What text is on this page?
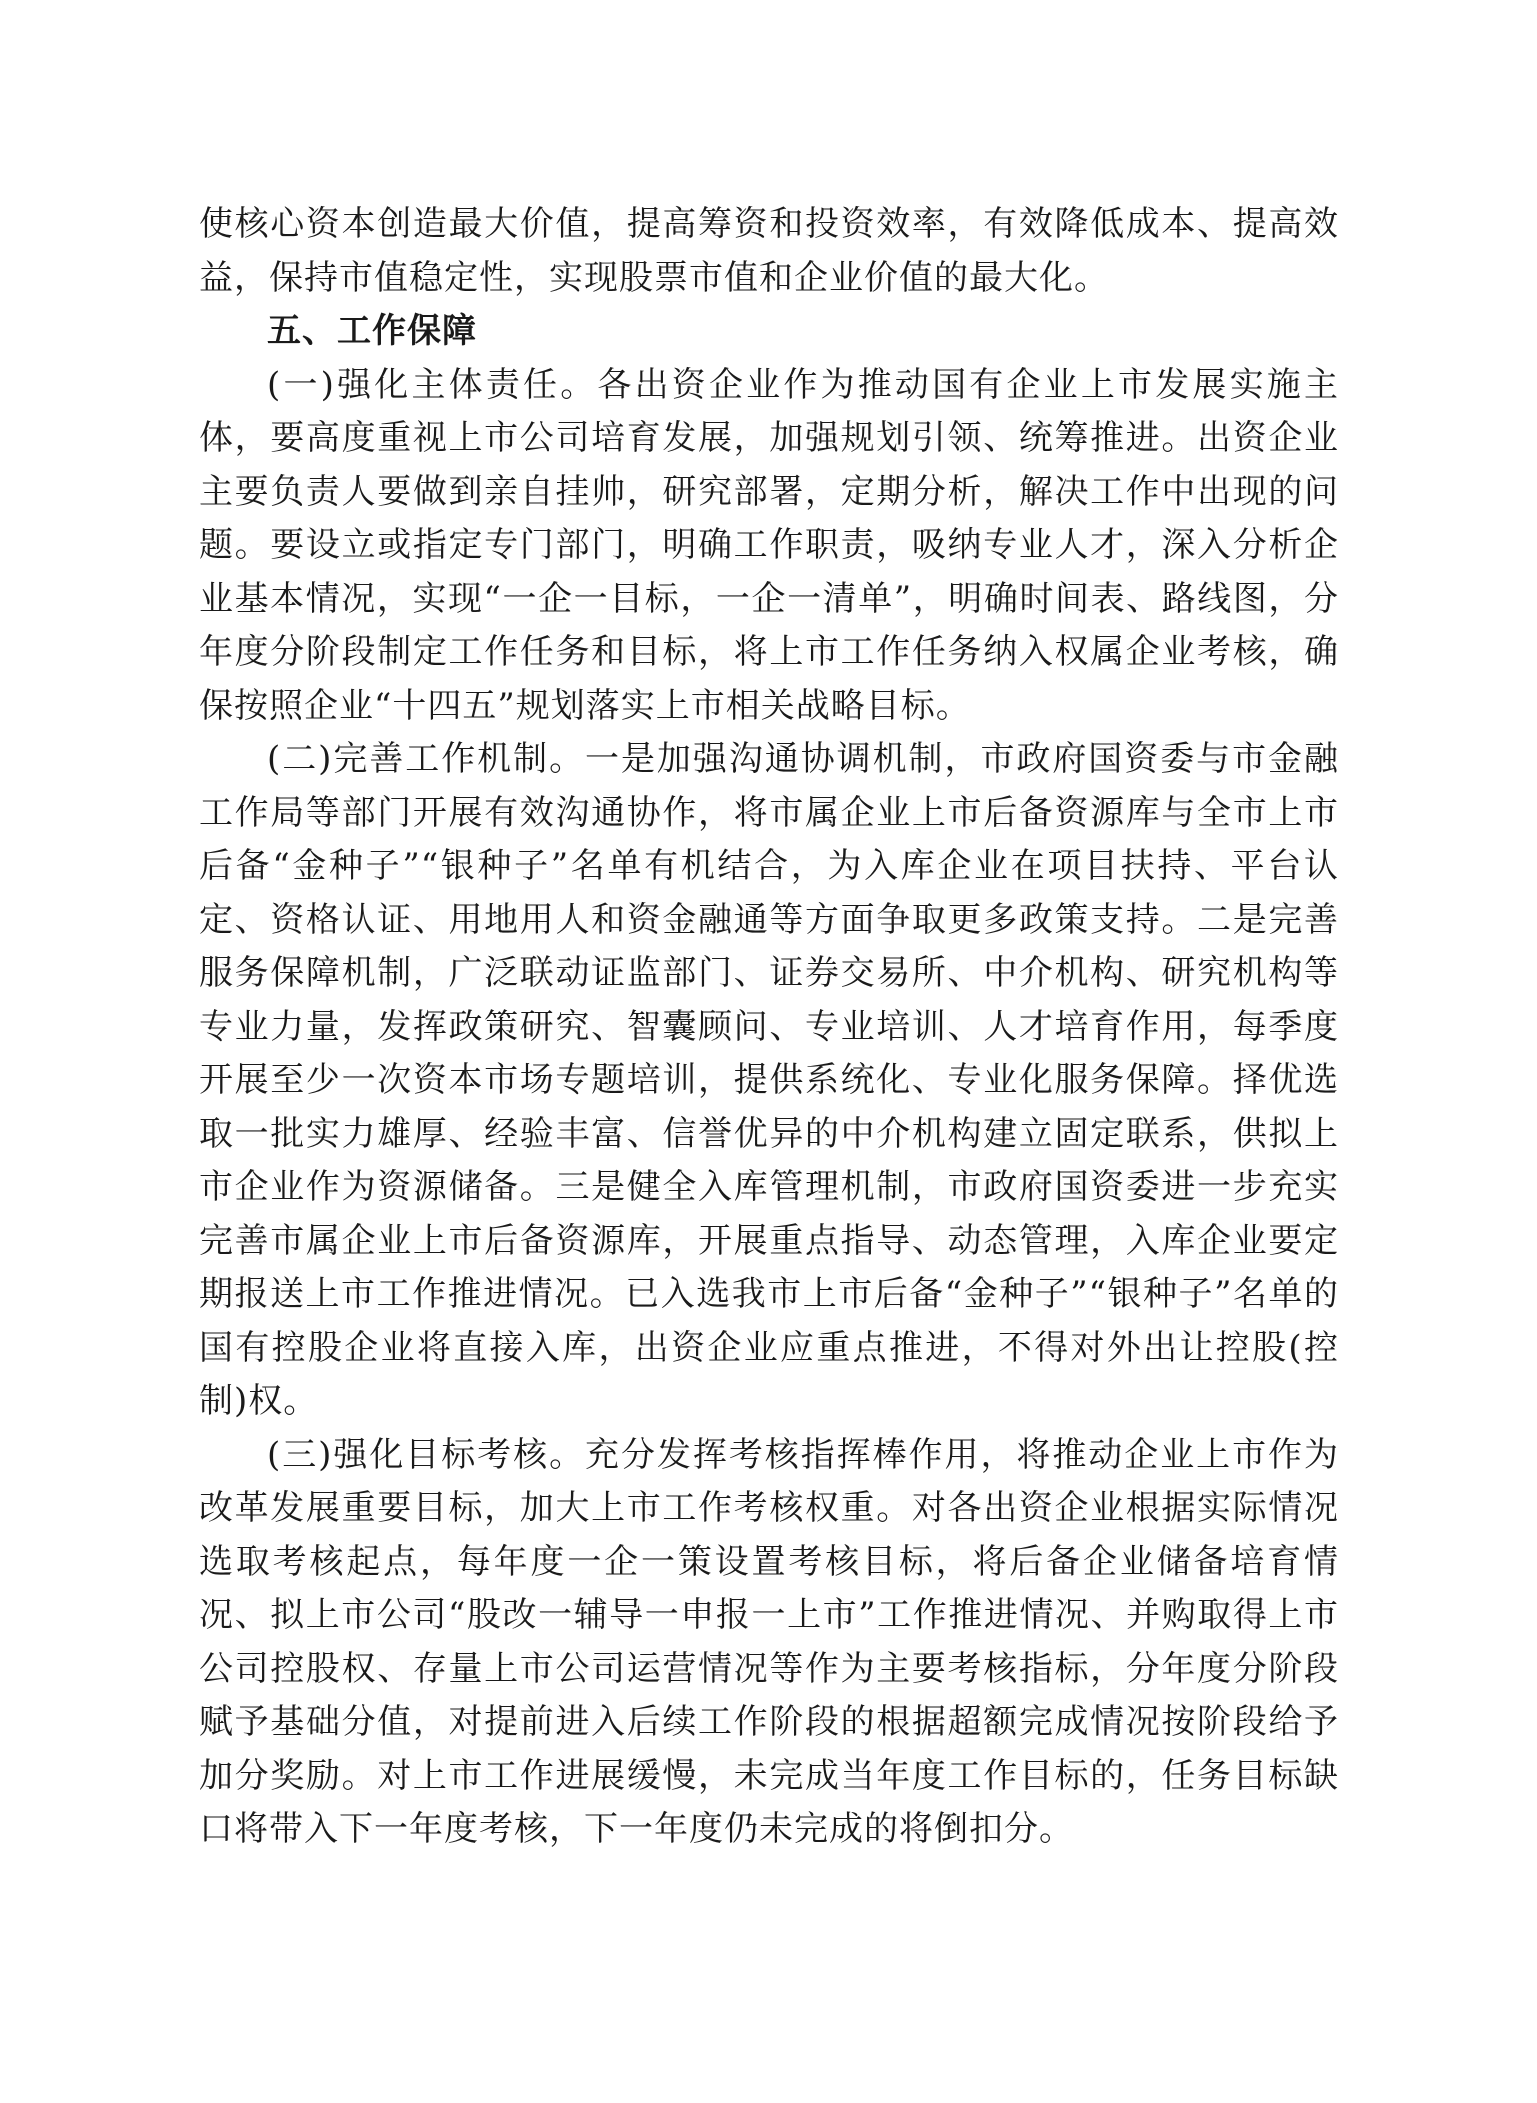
使核心资本创造最大价值，提高筹资和投资效率，有效降低成本、提高效益，保持市值稳定性，实现股票市值和企业价值的最大化。

五、工作保障

(一)强化主体责任。各出资企业作为推动国有企业上市发展实施主体，要高度重视上市公司培育发展，加强规划引领、统筹推进。出资企业主要负责人要做到亲自挂帅，研究部署，定期分析，解决工作中出现的问题。要设立或指定专门部门，明确工作职责，吸纳专业人才，深入分析企业基本情况，实现“一企一目标，一企一清单”，明确时间表、路线图，分年度分阶段制定工作任务和目标，将上市工作任务纳入权属企业考核，确保按照企业“十四五”规划落实上市相关战略目标。

(二)完善工作机制。一是加强沟通协调机制，市政府国资委与市金融工作局等部门开展有效沟通协作，将市属企业上市后备资源库与全市上市后备“金种子”“银种子”名单有机结合，为入库企业在项目扶持、平台认定、资格认证、用地用人和资金融通等方面争取更多政策支持。二是完善服务保障机制，广泛联动证监部门、证券交易所、中介机构、研究机构等专业力量，发挥政策研究、智囊顾问、专业培训、人才培育作用，每季度开展至少一次资本市场专题培训，提供系统化、专业化服务保障。择优选取一批实力雄厚、经验丰富、信誉优异的中介机构建立固定联系，供拟上市企业作为资源储备。三是健全入库管理机制，市政府国资委进一步充实完善市属企业上市后备资源库，开展重点指导、动态管理，入库企业要定期报送上市工作推进情况。已入选我市上市后备“金种子”“银种子”名单的国有控股企业将直接入库，出资企业应重点推进，不得对外出让控股(控制)权。

(三)强化目标考核。充分发挥考核指挥棒作用，将推动企业上市作为改革发展重要目标，加大上市工作考核权重。对各出资企业根据实际情况选取考核起点，每年度一企一策设置考核目标，将后备企业储备培育情况、拟上市公司“股改一辅导一申报一上市”工作推进情况、并购取得上市公司控股权、存量上市公司运营情况等作为主要考核指标，分年度分阶段赋予基础分值，对提前进入后续工作阶段的根据超额完成情况按阶段给予加分奖励。对上市工作进展缓慢，未完成当年度工作目标的，任务目标缺口将带入下一年度考核，下一年度仍未完成的将倒扣分。
